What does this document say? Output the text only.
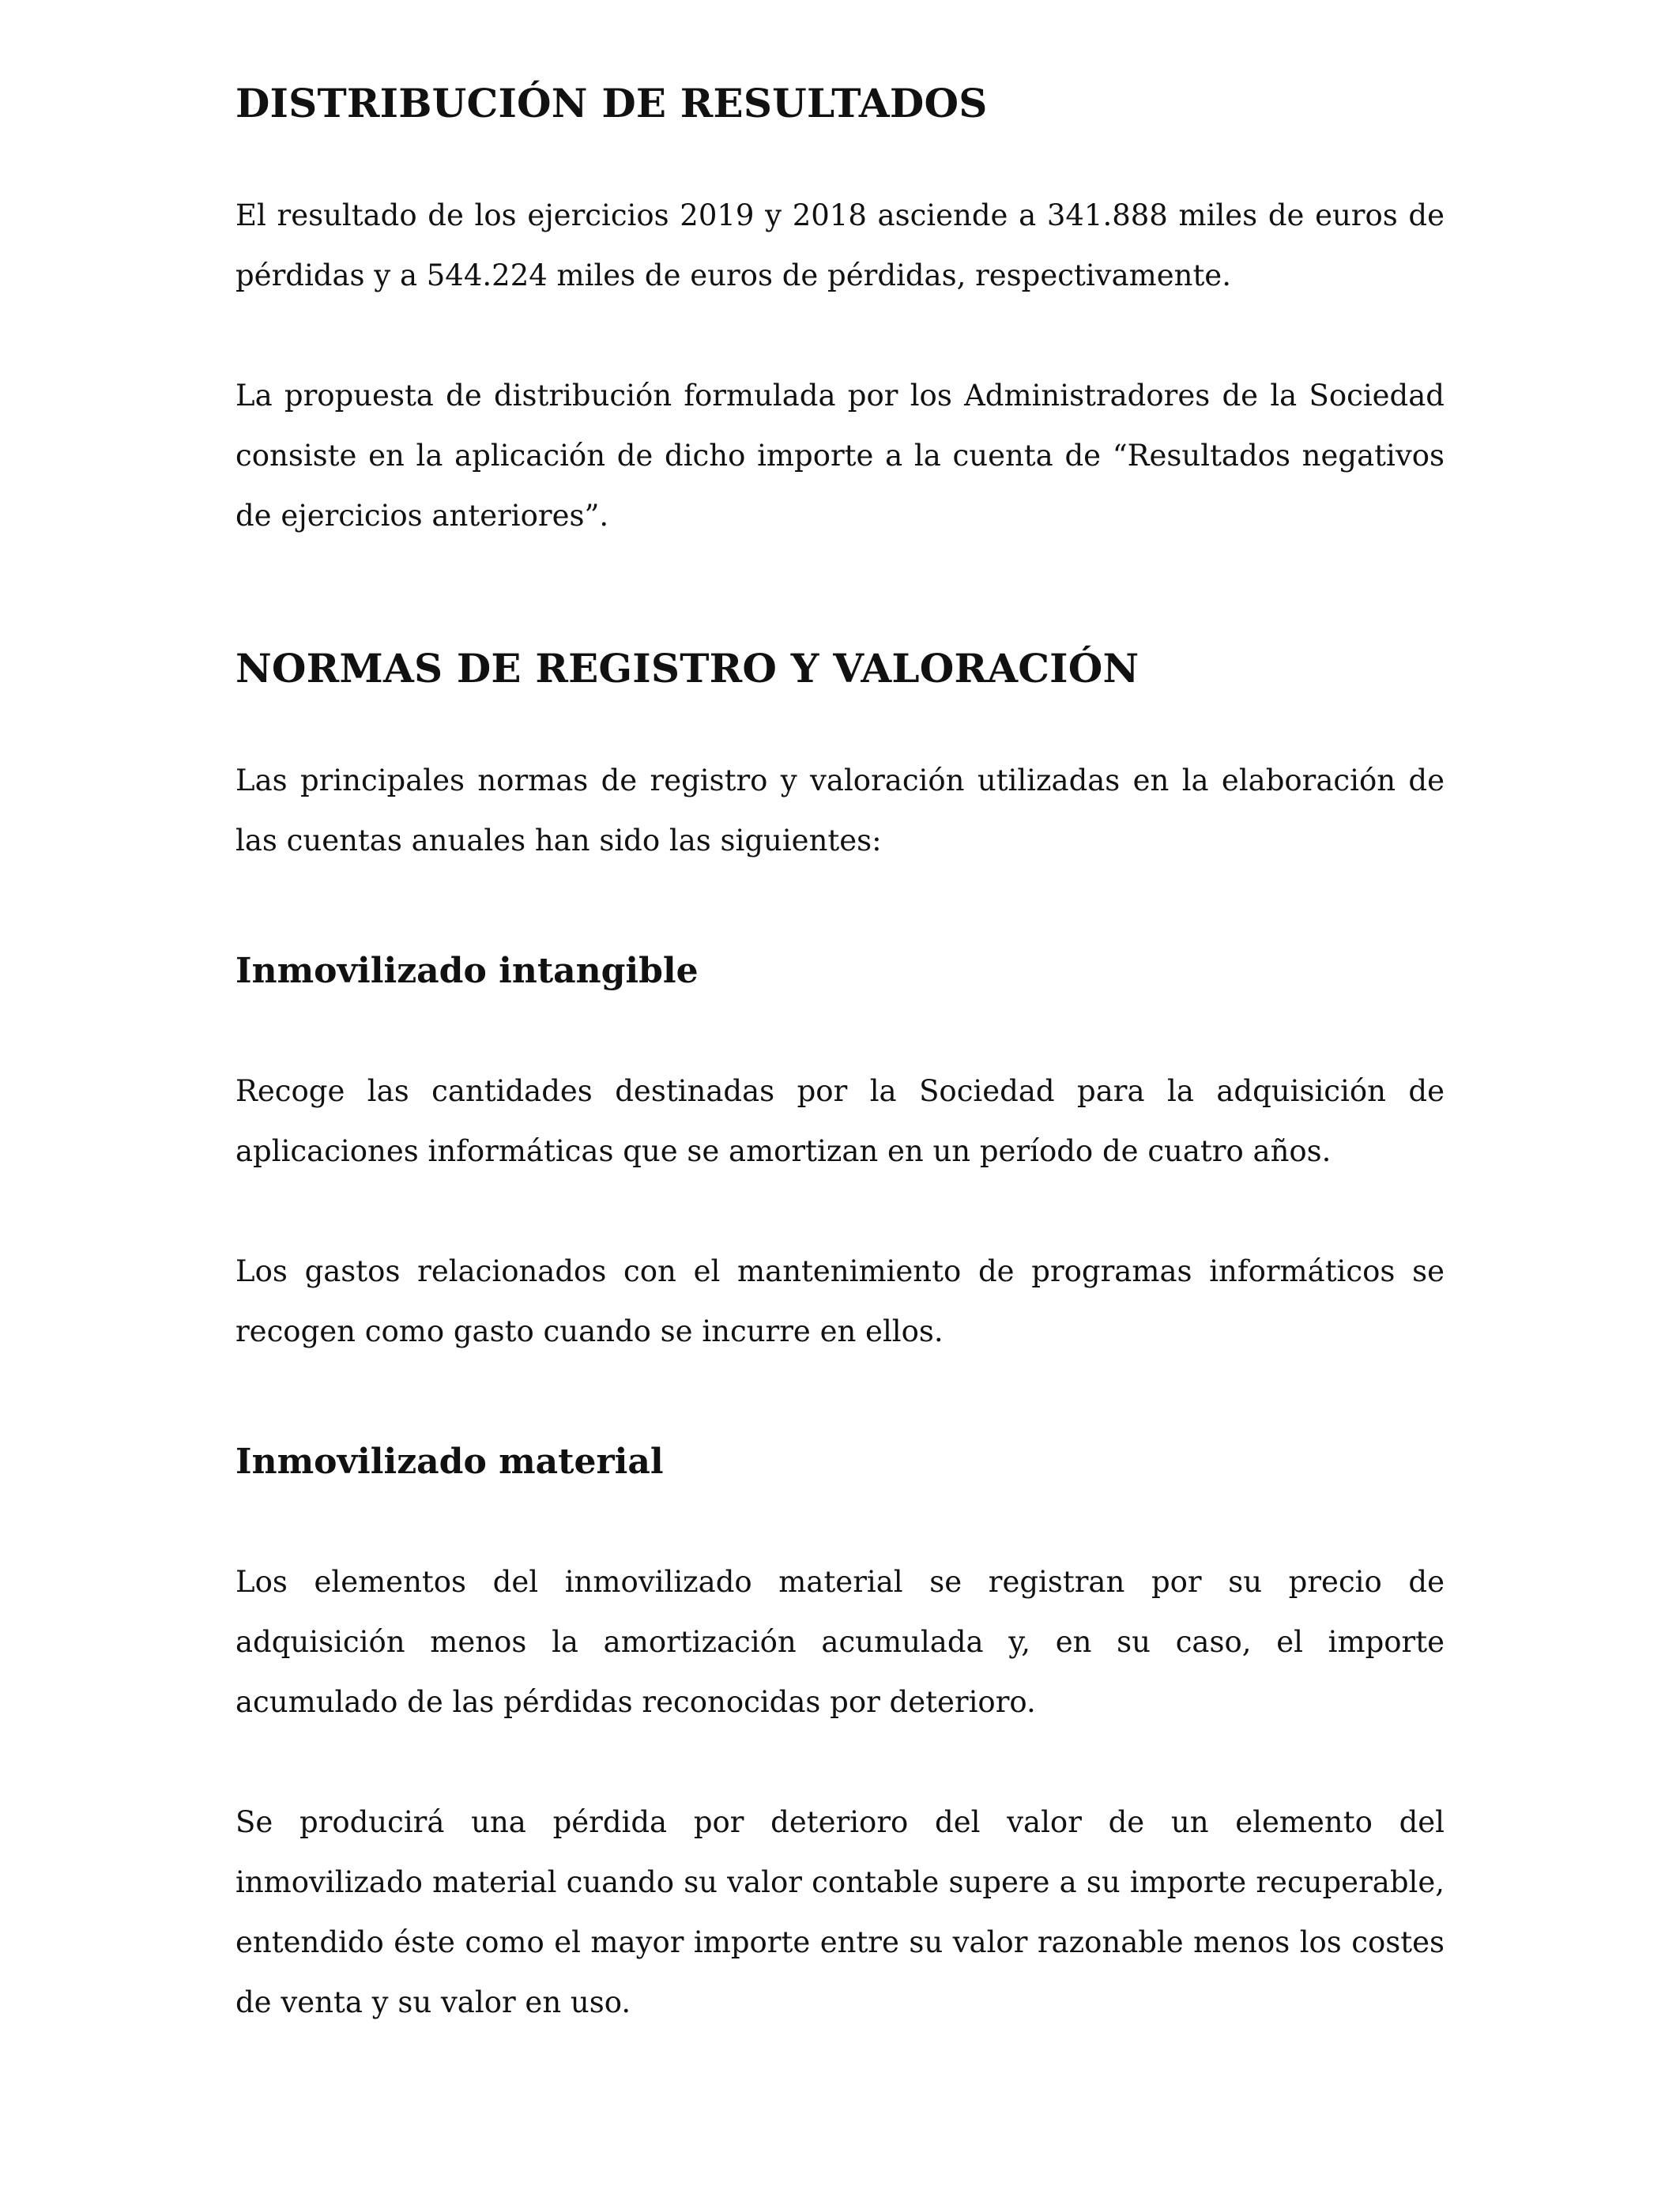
DISTRIBUCIÓN DE RESULTADOS

El resultado de los ejercicios 2019 y 2018 asciende a 341.888 miles de euros de pérdidas y a 544.224 miles de euros de pérdidas, respectivamente.

La propuesta de distribución formulada por los Administradores de la Sociedad consiste en la aplicación de dicho importe a la cuenta de “Resultados negativos de ejercicios anteriores”.

NORMAS DE REGISTRO Y VALORACIÓN

Las principales normas de registro y valoración utilizadas en la elaboración de las cuentas anuales han sido las siguientes:

Inmovilizado intangible

Recoge las cantidades destinadas por la Sociedad para la adquisición de aplicaciones informáticas que se amortizan en un período de cuatro años.

Los gastos relacionados con el mantenimiento de programas informáticos se recogen como gasto cuando se incurre en ellos.

Inmovilizado material

Los elementos del inmovilizado material se registran por su precio de adquisición menos la amortización acumulada y, en su caso, el importe acumulado de las pérdidas reconocidas por deterioro.

Se producirá una pérdida por deterioro del valor de un elemento del inmovilizado material cuando su valor contable supere a su importe recuperable, entendido éste como el mayor importe entre su valor razonable menos los costes de venta y su valor en uso.
